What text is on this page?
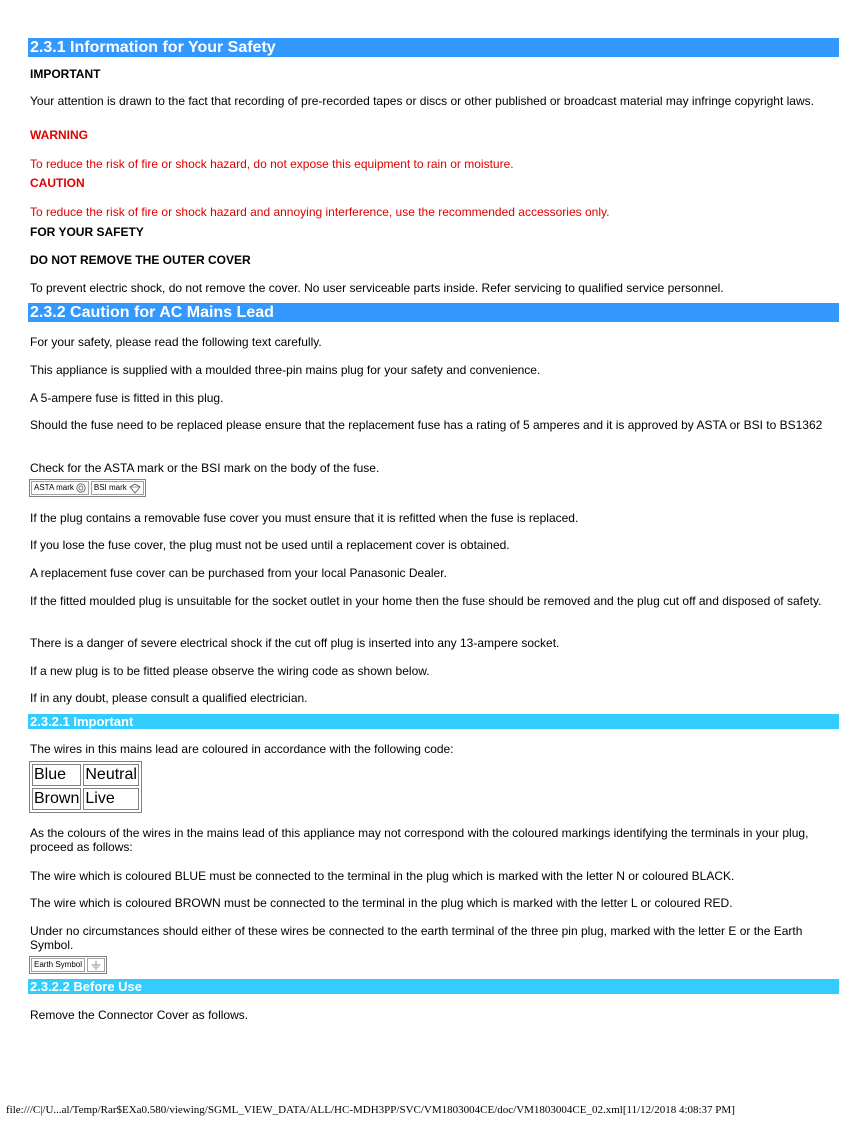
2.3.1 Information for Your Safety
IMPORTANT
Your attention is drawn to the fact that recording of pre-recorded tapes or discs or other published or broadcast material may infringe copyright laws.
WARNING
To reduce the risk of fire or shock hazard, do not expose this equipment to rain or moisture.
CAUTION
To reduce the risk of fire or shock hazard and annoying interference, use the recommended accessories only.
FOR YOUR SAFETY
DO NOT REMOVE THE OUTER COVER
To prevent electric shock, do not remove the cover. No user serviceable parts inside. Refer servicing to qualified service personnel.
2.3.2 Caution for AC Mains Lead
For your safety, please read the following text carefully.
This appliance is supplied with a moulded three-pin mains plug for your safety and convenience.
A 5-ampere fuse is fitted in this plug.
Should the fuse need to be replaced please ensure that the replacement fuse has a rating of 5 amperes and it is approved by ASTA or BSI to BS1362
Check for the ASTA mark or the BSI mark on the body of the fuse.
ASTA mark	BSI mark
If the plug contains a removable fuse cover you must ensure that it is refitted when the fuse is replaced.
If you lose the fuse cover, the plug must not be used until a replacement cover is obtained.
A replacement fuse cover can be purchased from your local Panasonic Dealer.
If the fitted moulded plug is unsuitable for the socket outlet in your home then the fuse should be removed and the plug cut off and disposed of safety.
There is a danger of severe electrical shock if the cut off plug is inserted into any 13-ampere socket.
If a new plug is to be fitted please observe the wiring code as shown below.
If in any doubt, please consult a qualified electrician.
2.3.2.1 Important
The wires in this mains lead are coloured in accordance with the following code:
Blue	Neutral
Brown	Live
As the colours of the wires in the mains lead of this appliance may not correspond with the coloured markings identifying the terminals in your plug, proceed as follows:
The wire which is coloured BLUE must be connected to the terminal in the plug which is marked with the letter N or coloured BLACK.
The wire which is coloured BROWN must be connected to the terminal in the plug which is marked with the letter L or coloured RED.
Under no circumstances should either of these wires be connected to the earth terminal of the three pin plug, marked with the letter E or the Earth Symbol.
Earth Symbol
2.3.2.2 Before Use
Remove the Connector Cover as follows.
file:///C|/U...al/Temp/Rar$EXa0.580/viewing/SGML_VIEW_DATA/ALL/HC-MDH3PP/SVC/VM1803004CE/doc/VM1803004CE_02.xml[11/12/2018 4:08:37 PM]
